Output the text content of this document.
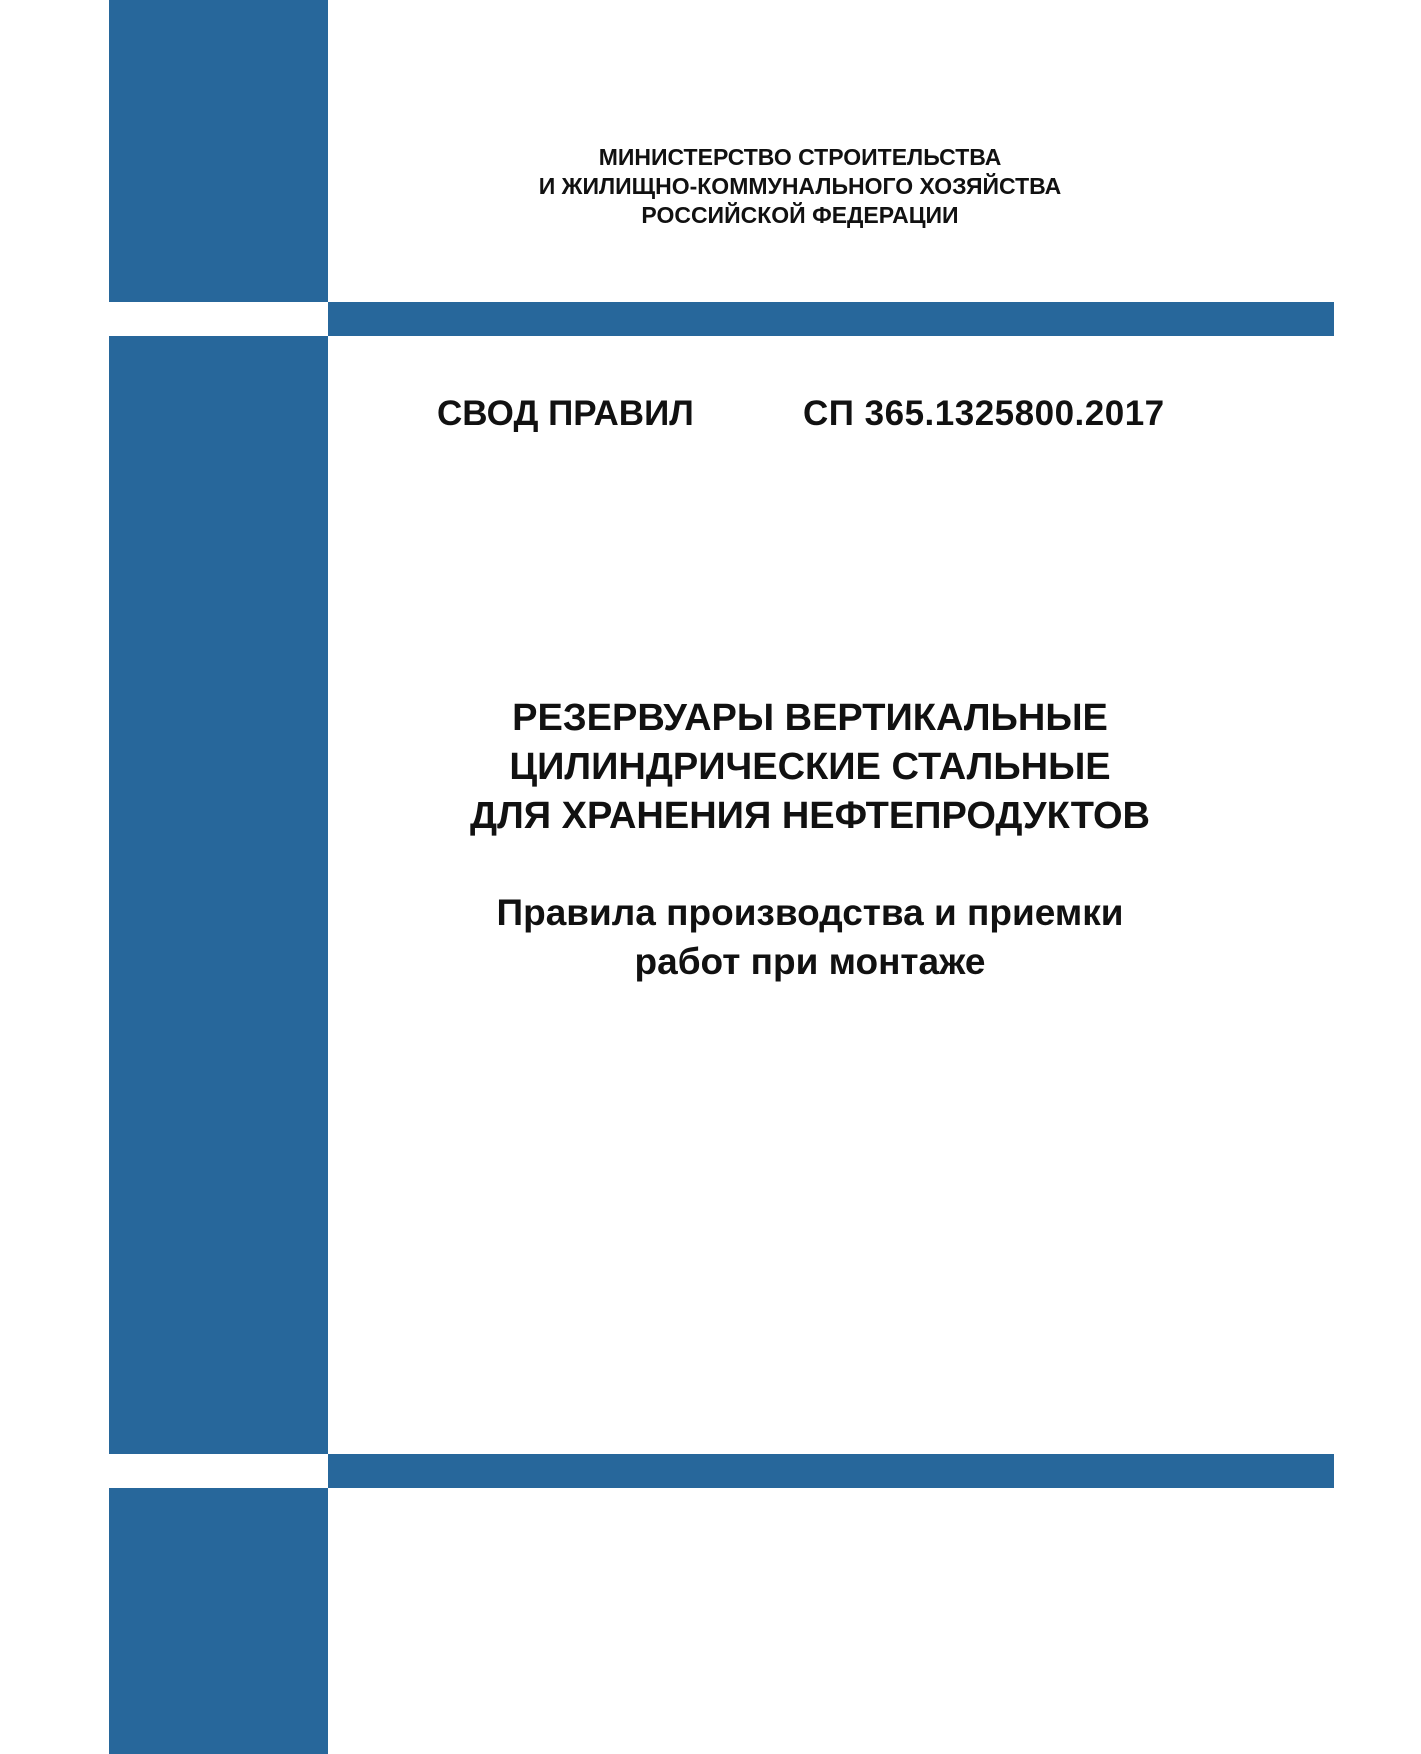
МИНИСТЕРСТВО СТРОИТЕЛЬСТВА
И ЖИЛИЩНО-КОММУНАЛЬНОГО ХОЗЯЙСТВА
РОССИЙСКОЙ ФЕДЕРАЦИИ
СВОД ПРАВИЛ	СП 365.1325800.2017
РЕЗЕРВУАРЫ ВЕРТИКАЛЬНЫЕ
ЦИЛИНДРИЧЕСКИЕ СТАЛЬНЫЕ
ДЛЯ ХРАНЕНИЯ НЕФТЕПРОДУКТОВ
Правила производства и приемки
работ при монтаже
